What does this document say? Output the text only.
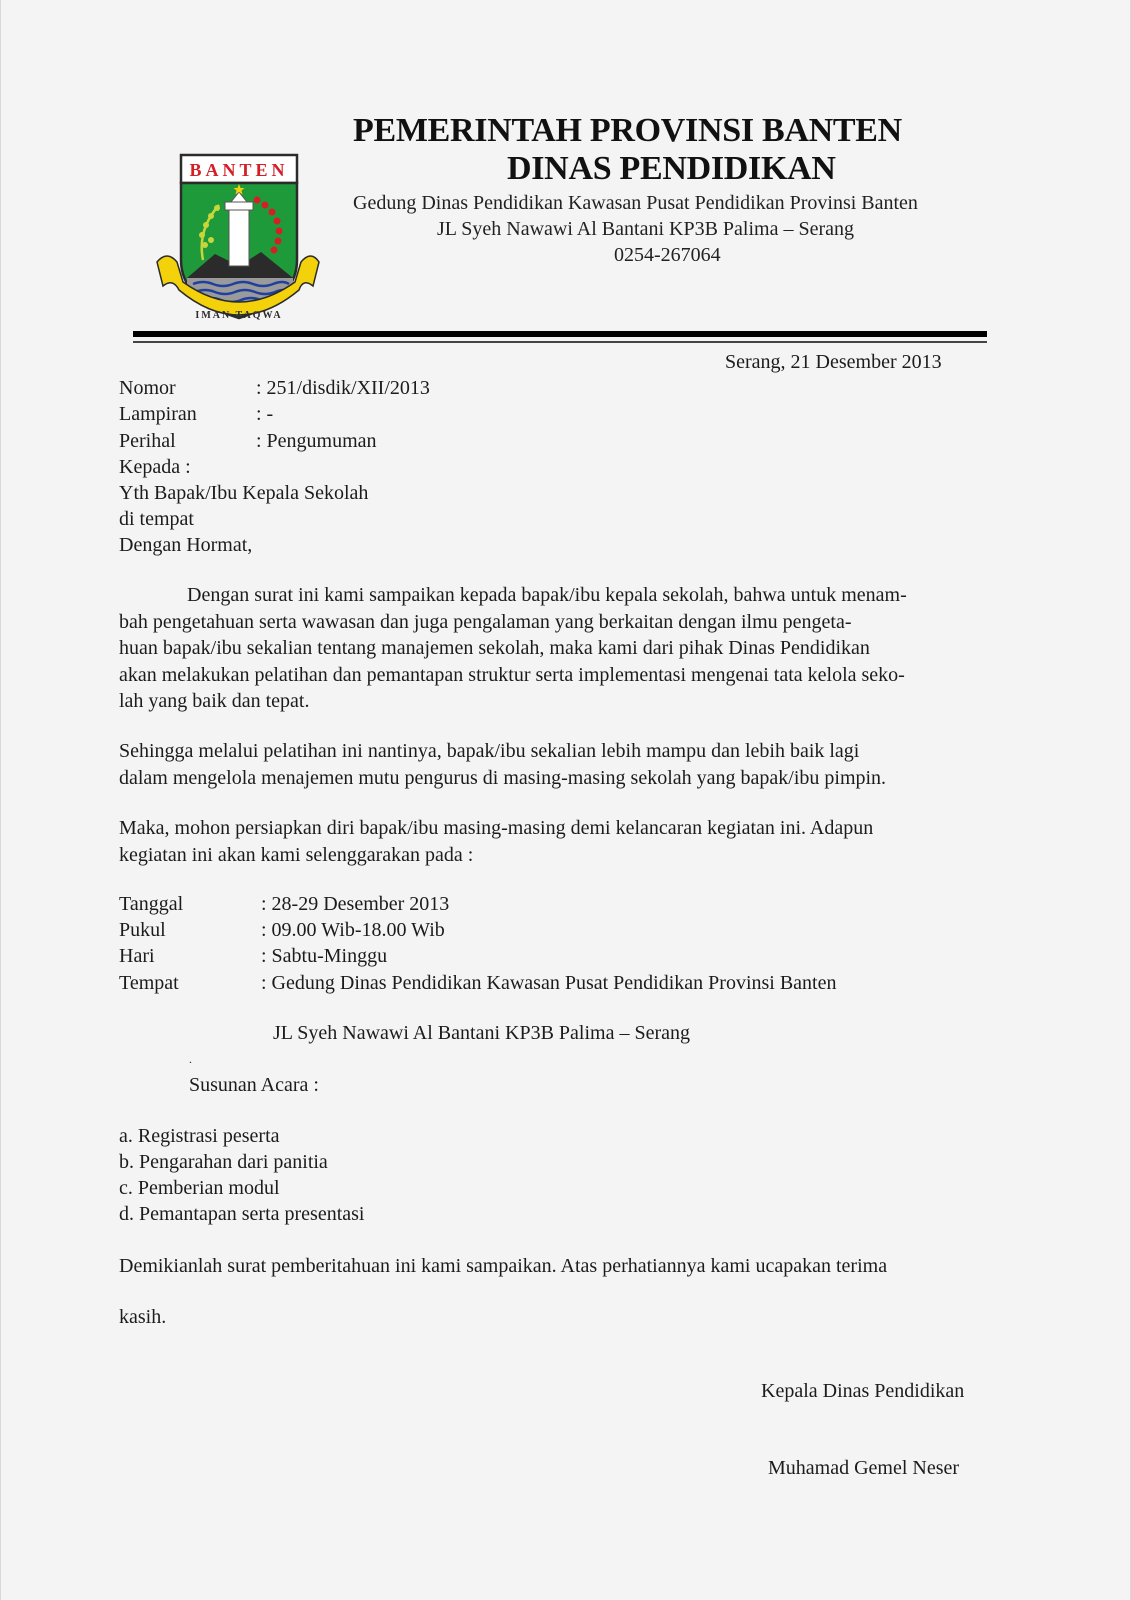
BANTEN
IMAN TAQWA
PEMERINTAH PROVINSI BANTEN
DINAS PENDIDIKAN
Gedung Dinas Pendidikan Kawasan Pusat Pendidikan Provinsi Banten
JL Syeh Nawawi Al Bantani KP3B Palima – Serang
0254-267064
Serang, 21 Desember 2013
Nomor	: 251/disdik/XII/2013
Lampiran	: -
Perihal	: Pengumuman
Kepada :
Yth Bapak/Ibu Kepala Sekolah
di tempat
Dengan Hormat,
Dengan surat ini kami sampaikan kepada bapak/ibu kepala sekolah, bahwa untuk menam-
bah pengetahuan serta wawasan dan juga pengalaman yang berkaitan dengan ilmu pengeta-
huan bapak/ibu sekalian tentang manajemen sekolah, maka kami dari pihak Dinas Pendidikan
akan melakukan pelatihan dan pemantapan struktur serta implementasi mengenai tata kelola seko-
lah yang baik dan tepat.
Sehingga melalui pelatihan ini nantinya, bapak/ibu sekalian lebih mampu dan lebih baik lagi
dalam mengelola menajemen mutu pengurus di masing-masing sekolah yang bapak/ibu pimpin.
Maka, mohon persiapkan diri bapak/ibu masing-masing demi kelancaran kegiatan ini. Adapun
kegiatan ini akan kami selenggarakan pada :
Tanggal	: 28-29 Desember 2013
Pukul	: 09.00 Wib-18.00 Wib
Hari	: Sabtu-Minggu
Tempat	: Gedung Dinas Pendidikan Kawasan Pusat Pendidikan Provinsi Banten
JL Syeh Nawawi Al Bantani KP3B Palima – Serang
.
Susunan Acara :
a. Registrasi peserta
b. Pengarahan dari panitia
c. Pemberian modul
d. Pemantapan serta presentasi
Demikianlah surat pemberitahuan ini kami sampaikan. Atas perhatiannya kami ucapakan terima
kasih.
Kepala Dinas Pendidikan
Muhamad Gemel Neser
